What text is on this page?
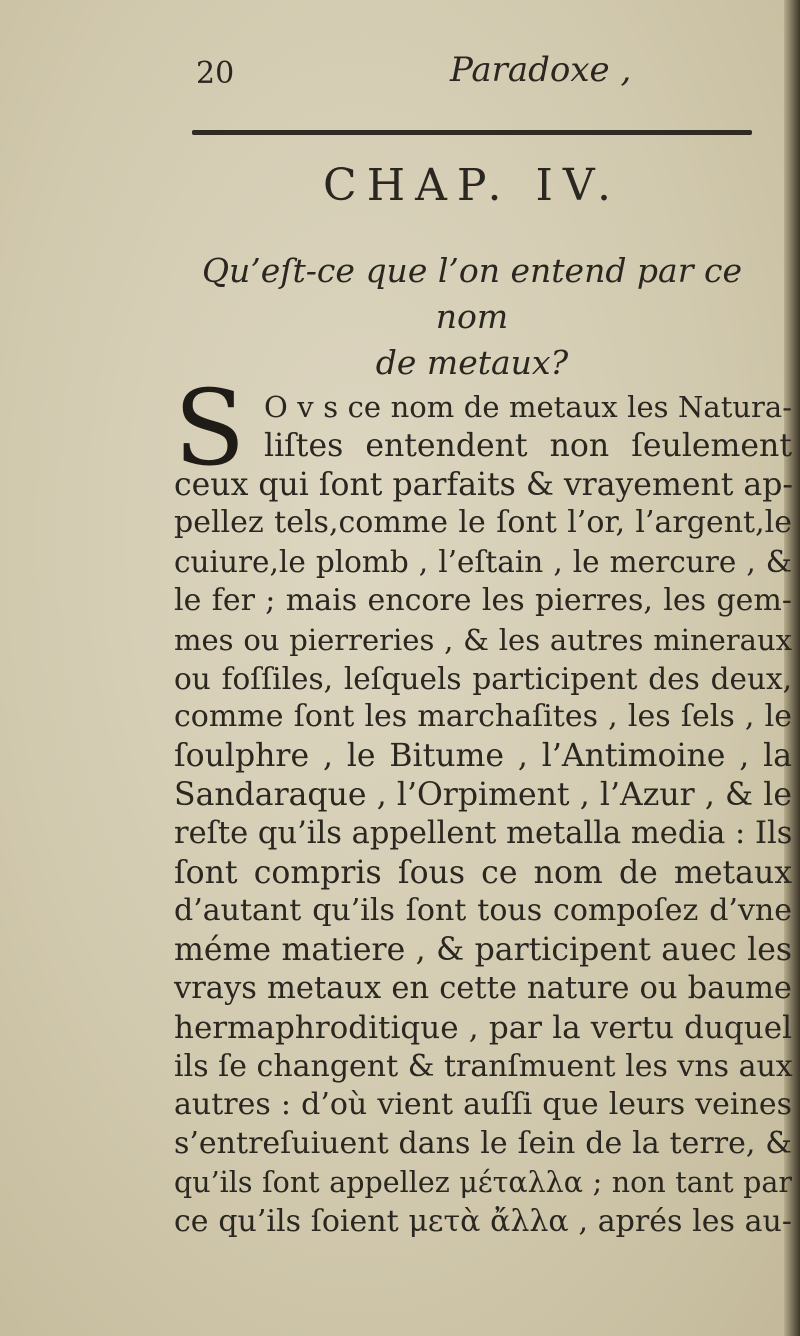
20	Paradoxe ,
CHAP. IV.
Qu’eſt-ce que l’on entend par ce nom
de metaux?
S O v s ce nom de metaux les Natura-
liſtes entendent non ſeulement
ceux qui ſont parfaits & vrayement ap-
pellez tels,comme le ſont l’or, l’argent,le
cuiure,le plomb , l’eſtain , le mercure , &
le fer ; mais encore les pierres, les gem-
mes ou pierreries , & les autres mineraux
ou foſſiles, leſquels participent des deux,
comme ſont les marchaſites , les ſels , le
ſoulphre , le Bitume , l’Antimoine , la
Sandaraque , l’Orpiment , l’Azur , & le
reſte qu’ils appellent metalla media : Ils
ſont compris ſous ce nom de metaux
d’autant qu’ils ſont tous compoſez d’vne
méme matiere , & participent auec les
vrays metaux en cette nature ou baume
hermaphroditique , par la vertu duquel
ils ſe changent & tranſmuent les vns aux
autres : d’où vient auſſi que leurs veines
s’entreſuiuent dans le ſein de la terre, &
qu’ils ſont appellez μέταλλα ; non tant par
ce qu’ils ſoient μετὰ ἄλλα , aprés les au-
